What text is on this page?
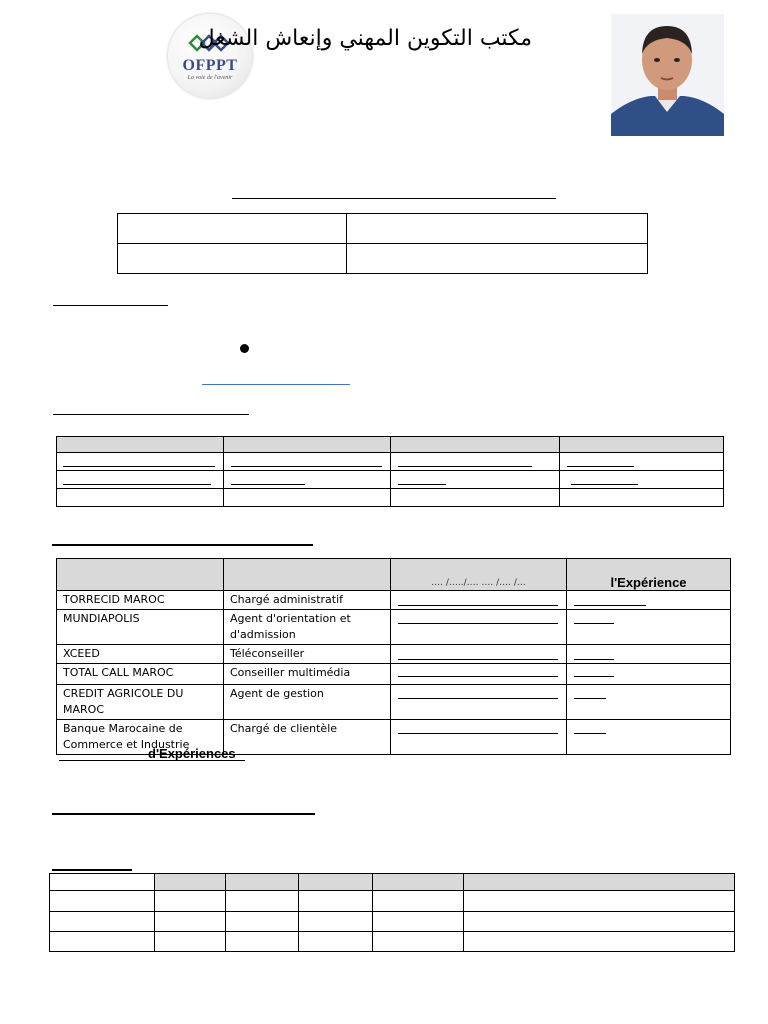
OFPPT
La voie de l'avenir
مكتب التكوين المهني وإنعاش الشغل

		…. /…../…. …. /…. /…	l'Expérience
TORRECID MAROC	Chargé administratif	

MUNDIAPOLIS	Agent d'orientation et d'admission	

XCEED	Téléconseiller	

TOTAL CALL MAROC	Conseiller multimédia	

CREDIT AGRICOLE DU MAROC	Agent de gestion	

Banque Marocaine de Commerce et Industrie	Chargé de clientèle	

d'Expériences
